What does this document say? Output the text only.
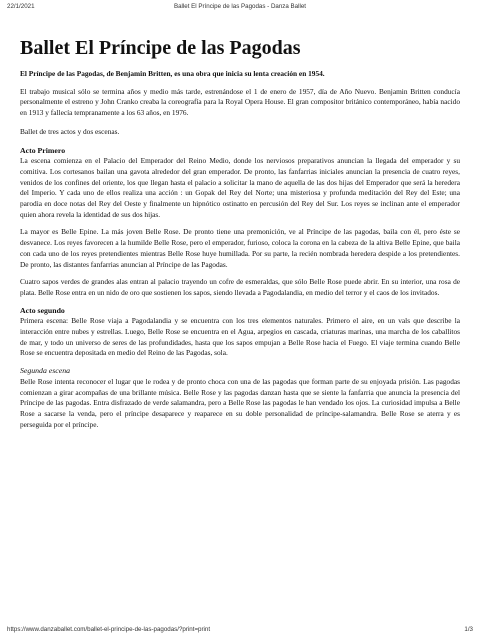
22/1/2021	Ballet El Príncipe de las Pagodas - Danza Ballet
Ballet El Príncipe de las Pagodas

El Príncipe de las Pagodas, de Benjamin Britten, es una obra que inicia su lenta creación en 1954.

El trabajo musical sólo se termina años y medio más tarde, estrenándose el 1 de enero de 1957, día de Año Nuevo. Benjamin Britten conducía personalmente el estreno y John Cranko creaba la coreografía para la Royal Opera House. El gran compositor británico contemporáneo, había nacido en 1913 y fallecía tempranamente a los 63 años, en 1976.

Ballet de tres actos y dos escenas.

Acto Primero

La escena comienza en el Palacio del Emperador del Reino Medio, donde los nerviosos preparativos anuncian la llegada del emperador y su comitiva. Los cortesanos bailan una gavota alrededor del gran emperador. De pronto, las fanfarrias iniciales anuncian la presencia de cuatro reyes, venidos de los confines del oriente, los que llegan hasta el palacio a solicitar la mano de aquella de las dos hijas del Emperador que será la heredera del Imperio. Y cada uno de ellos realiza una acción : un Gopak del Rey del Norte; una misteriosa y profunda meditación del Rey del Este; una parodia en doce notas del Rey del Oeste y finalmente un hipnótico ostinatto en percusión del Rey del Sur. Los reyes se inclinan ante el emperador quien ahora revela la identidad de sus dos hijas.

La mayor es Belle Epine. La más joven Belle Rose. De pronto tiene una premonición, ve al Príncipe de las pagodas, baila con él, pero éste se desvanece. Los reyes favorecen a la humilde Belle Rose, pero el emperador, furioso, coloca la corona en la cabeza de la altiva Belle Epine, que baila con cada uno de los reyes pretendientes mientras Belle Rose huye humillada. Por su parte, la recién nombrada heredera despide a los pretendientes. De pronto, las distantes fanfarrias anuncian al Príncipe de las Pagodas.

Cuatro sapos verdes de grandes alas entran al palacio trayendo un cofre de esmeraldas, que sólo Belle Rose puede abrir. En su interior, una rosa de plata. Belle Rose entra en un nido de oro que sostienen los sapos, siendo llevada a Pagodalandia, en medio del terror y el caos de los invitados.

Acto segundo

Primera escena: Belle Rose viaja a Pagodalandia y se encuentra con los tres elementos naturales. Primero el aire, en un vals que describe la interacción entre nubes y estrellas. Luego, Belle Rose se encuentra en el Agua, arpegios en cascada, criaturas marinas, una marcha de los caballitos de mar, y todo un universo de seres de las profundidades, hasta que los sapos empujan a Belle Rose hacia el Fuego. El viaje termina cuando Belle Rose se encuentra depositada en medio del Reino de las Pagodas, sola.

Segunda escena

Belle Rose intenta reconocer el lugar que le rodea y de pronto choca con una de las pagodas que forman parte de su enjoyada prisión. Las pagodas comienzan a girar acompañas de una brillante música. Belle Rose y las pagodas danzan hasta que se siente la fanfarria que anuncia la presencia del Príncipe de las pagodas. Entra disfrazado de verde salamandra, pero a Belle Rose las pagodas le han vendado los ojos. La curiosidad impulsa a Belle Rose a sacarse la venda, pero el príncipe desaparece y reaparece en su doble personalidad de príncipe-salamandra. Belle Rose se aterra y es perseguida por el príncipe.

https://www.danzaballet.com/ballet-el-principe-de-las-pagodas/?print=print	1/3
